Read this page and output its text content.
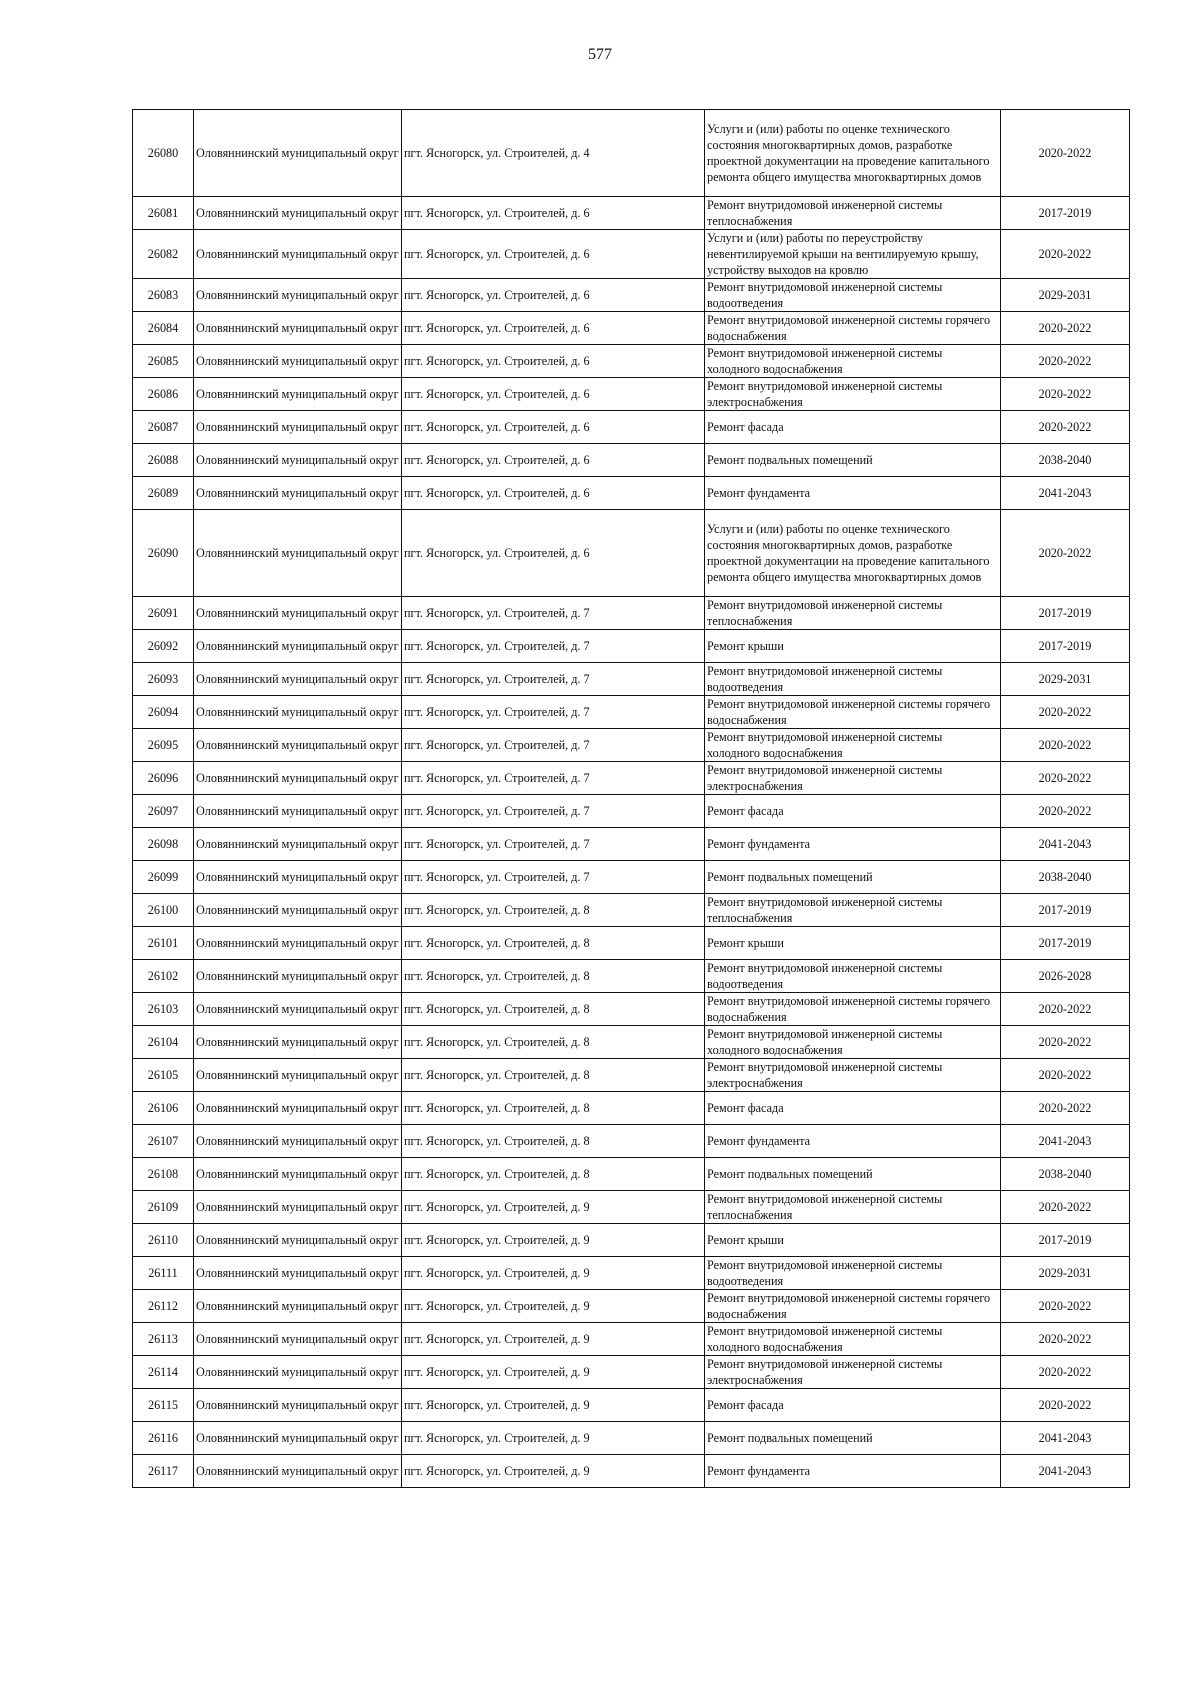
577
26080	Оловяннинский муниципальный округ	пгт. Ясногорск, ул. Строителей, д. 4	Услуги и (или) работы по оценке технического состояния многоквартирных домов, разработке проектной документации на проведение капитального ремонта общего имущества многоквартирных домов	2020-2022
26081	Оловяннинский муниципальный округ	пгт. Ясногорск, ул. Строителей, д. 6	Ремонт внутридомовой инженерной системы теплоснабжения	2017-2019
26082	Оловяннинский муниципальный округ	пгт. Ясногорск, ул. Строителей, д. 6	Услуги и (или) работы по переустройству невентилируемой крыши на вентилируемую крышу, устройству выходов на кровлю	2020-2022
26083	Оловяннинский муниципальный округ	пгт. Ясногорск, ул. Строителей, д. 6	Ремонт внутридомовой инженерной системы водоотведения	2029-2031
26084	Оловяннинский муниципальный округ	пгт. Ясногорск, ул. Строителей, д. 6	Ремонт внутридомовой инженерной системы горячего водоснабжения	2020-2022
26085	Оловяннинский муниципальный округ	пгт. Ясногорск, ул. Строителей, д. 6	Ремонт внутридомовой инженерной системы холодного водоснабжения	2020-2022
26086	Оловяннинский муниципальный округ	пгт. Ясногорск, ул. Строителей, д. 6	Ремонт внутридомовой инженерной системы электроснабжения	2020-2022
26087	Оловяннинский муниципальный округ	пгт. Ясногорск, ул. Строителей, д. 6	Ремонт фасада	2020-2022
26088	Оловяннинский муниципальный округ	пгт. Ясногорск, ул. Строителей, д. 6	Ремонт подвальных помещений	2038-2040
26089	Оловяннинский муниципальный округ	пгт. Ясногорск, ул. Строителей, д. 6	Ремонт фундамента	2041-2043
26090	Оловяннинский муниципальный округ	пгт. Ясногорск, ул. Строителей, д. 6	Услуги и (или) работы по оценке технического состояния многоквартирных домов, разработке проектной документации на проведение капитального ремонта общего имущества многоквартирных домов	2020-2022
26091	Оловяннинский муниципальный округ	пгт. Ясногорск, ул. Строителей, д. 7	Ремонт внутридомовой инженерной системы теплоснабжения	2017-2019
26092	Оловяннинский муниципальный округ	пгт. Ясногорск, ул. Строителей, д. 7	Ремонт крыши	2017-2019
26093	Оловяннинский муниципальный округ	пгт. Ясногорск, ул. Строителей, д. 7	Ремонт внутридомовой инженерной системы водоотведения	2029-2031
26094	Оловяннинский муниципальный округ	пгт. Ясногорск, ул. Строителей, д. 7	Ремонт внутридомовой инженерной системы горячего водоснабжения	2020-2022
26095	Оловяннинский муниципальный округ	пгт. Ясногорск, ул. Строителей, д. 7	Ремонт внутридомовой инженерной системы холодного водоснабжения	2020-2022
26096	Оловяннинский муниципальный округ	пгт. Ясногорск, ул. Строителей, д. 7	Ремонт внутридомовой инженерной системы электроснабжения	2020-2022
26097	Оловяннинский муниципальный округ	пгт. Ясногорск, ул. Строителей, д. 7	Ремонт фасада	2020-2022
26098	Оловяннинский муниципальный округ	пгт. Ясногорск, ул. Строителей, д. 7	Ремонт фундамента	2041-2043
26099	Оловяннинский муниципальный округ	пгт. Ясногорск, ул. Строителей, д. 7	Ремонт подвальных помещений	2038-2040
26100	Оловяннинский муниципальный округ	пгт. Ясногорск, ул. Строителей, д. 8	Ремонт внутридомовой инженерной системы теплоснабжения	2017-2019
26101	Оловяннинский муниципальный округ	пгт. Ясногорск, ул. Строителей, д. 8	Ремонт крыши	2017-2019
26102	Оловяннинский муниципальный округ	пгт. Ясногорск, ул. Строителей, д. 8	Ремонт внутридомовой инженерной системы водоотведения	2026-2028
26103	Оловяннинский муниципальный округ	пгт. Ясногорск, ул. Строителей, д. 8	Ремонт внутридомовой инженерной системы горячего водоснабжения	2020-2022
26104	Оловяннинский муниципальный округ	пгт. Ясногорск, ул. Строителей, д. 8	Ремонт внутридомовой инженерной системы холодного водоснабжения	2020-2022
26105	Оловяннинский муниципальный округ	пгт. Ясногорск, ул. Строителей, д. 8	Ремонт внутридомовой инженерной системы электроснабжения	2020-2022
26106	Оловяннинский муниципальный округ	пгт. Ясногорск, ул. Строителей, д. 8	Ремонт фасада	2020-2022
26107	Оловяннинский муниципальный округ	пгт. Ясногорск, ул. Строителей, д. 8	Ремонт фундамента	2041-2043
26108	Оловяннинский муниципальный округ	пгт. Ясногорск, ул. Строителей, д. 8	Ремонт подвальных помещений	2038-2040
26109	Оловяннинский муниципальный округ	пгт. Ясногорск, ул. Строителей, д. 9	Ремонт внутридомовой инженерной системы теплоснабжения	2020-2022
26110	Оловяннинский муниципальный округ	пгт. Ясногорск, ул. Строителей, д. 9	Ремонт крыши	2017-2019
26111	Оловяннинский муниципальный округ	пгт. Ясногорск, ул. Строителей, д. 9	Ремонт внутридомовой инженерной системы водоотведения	2029-2031
26112	Оловяннинский муниципальный округ	пгт. Ясногорск, ул. Строителей, д. 9	Ремонт внутридомовой инженерной системы горячего водоснабжения	2020-2022
26113	Оловяннинский муниципальный округ	пгт. Ясногорск, ул. Строителей, д. 9	Ремонт внутридомовой инженерной системы холодного водоснабжения	2020-2022
26114	Оловяннинский муниципальный округ	пгт. Ясногорск, ул. Строителей, д. 9	Ремонт внутридомовой инженерной системы электроснабжения	2020-2022
26115	Оловяннинский муниципальный округ	пгт. Ясногорск, ул. Строителей, д. 9	Ремонт фасада	2020-2022
26116	Оловяннинский муниципальный округ	пгт. Ясногорск, ул. Строителей, д. 9	Ремонт подвальных помещений	2041-2043
26117	Оловяннинский муниципальный округ	пгт. Ясногорск, ул. Строителей, д. 9	Ремонт фундамента	2041-2043
